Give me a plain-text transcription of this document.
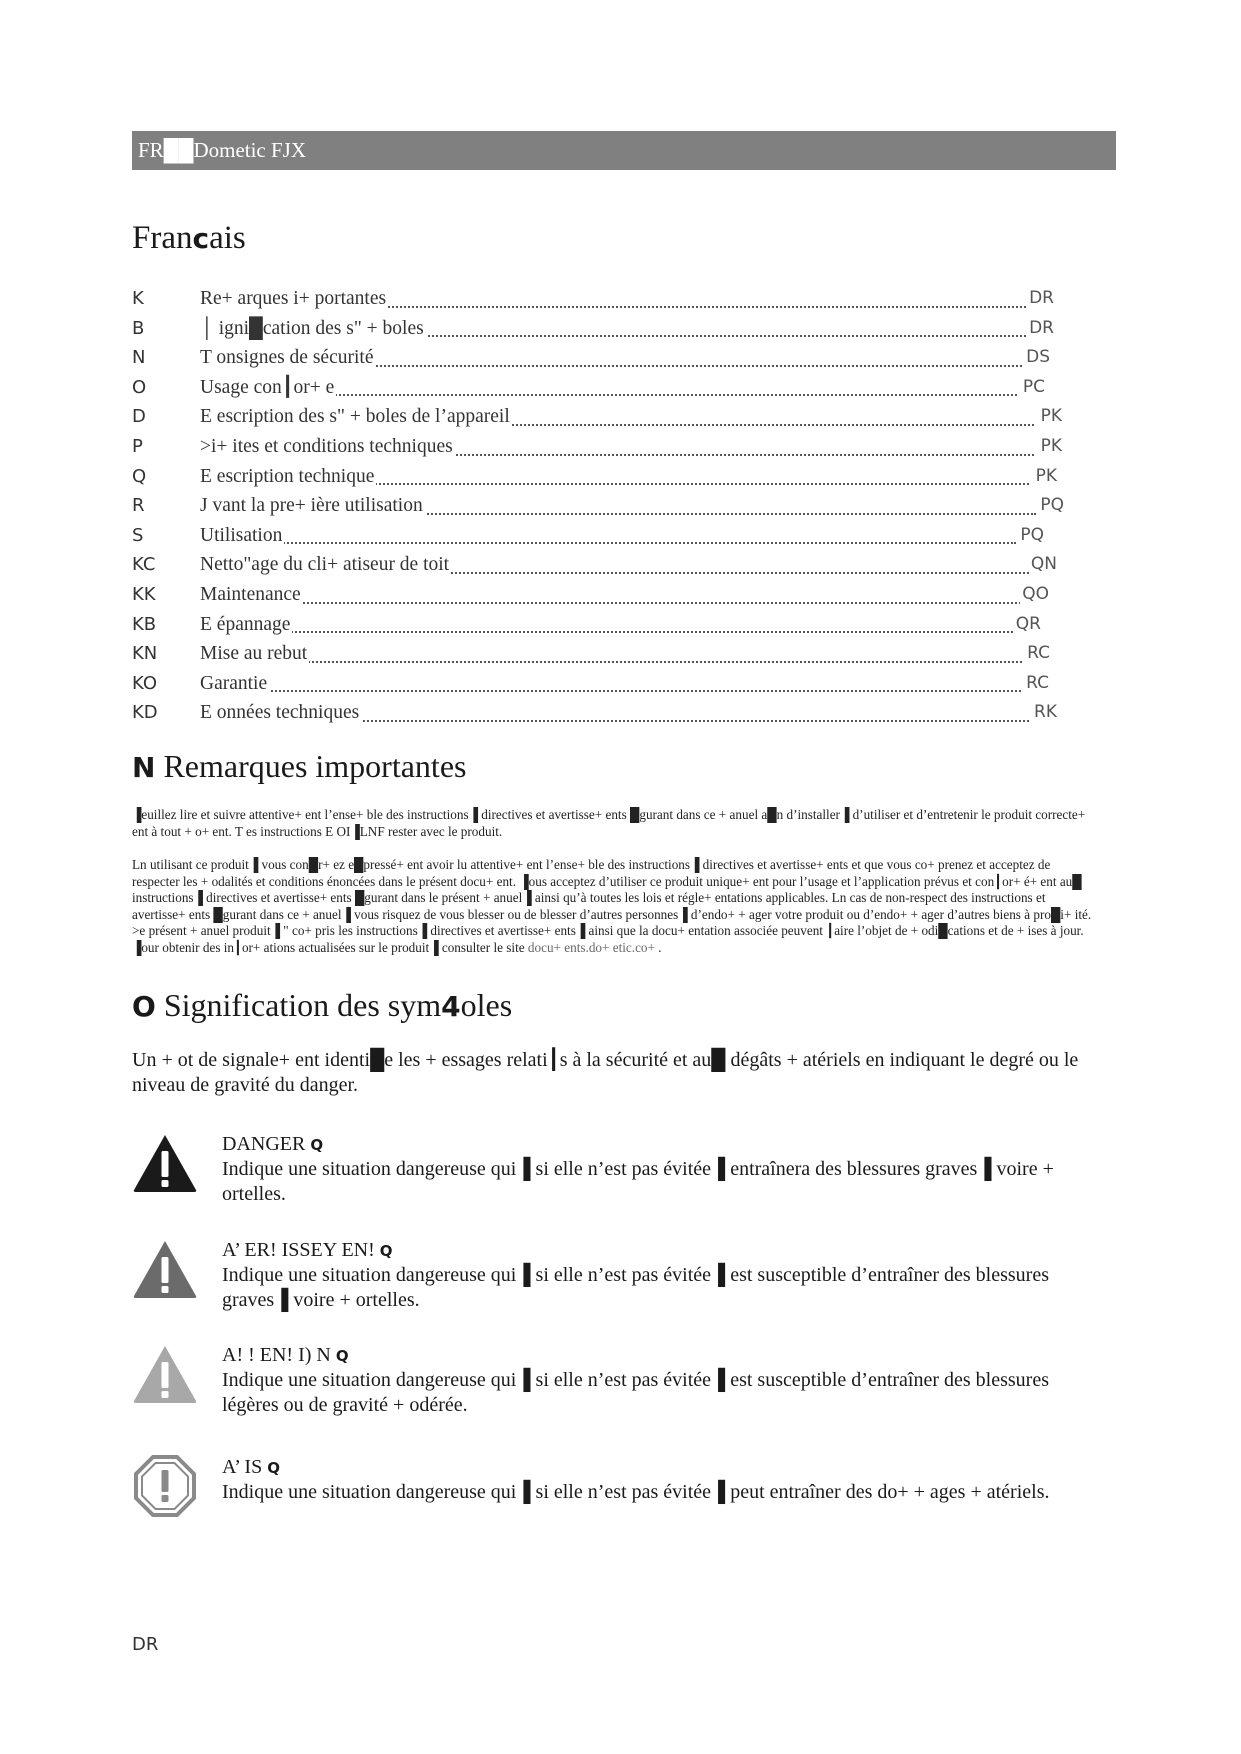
FR██Dometic FJX
Francais
K	Re+ arques i+ portantes	DR
B	│ igni█cation des s" + boles	DR
N	T onsignes de sécurité	DS
O	Usage con┃or+ e	PC
D	E escription des s" + boles de l’appareil	PK
P	>i+ ites et conditions techniques	PK
Q	E escription technique	PK
R	J vant la pre+ ière utilisation	PQ
S	Utilisation	PQ
KC	Netto"age du cli+ atiseur de toit	QN
KK	Maintenance	QO
KB	E épannage	QR
KN	Mise au rebut	RC
KO	Garantie	RC
KD	E onnées techniques	RK
N Remarques importantes

▐euillez lire et suivre attentive+ ent l’ense+ ble des instructions▐ directives et avertisse+ ents █gurant dans ce + anuel a█n d’installer▐ d’utiliser et d’entretenir le produit correcte+ ent à tout + o+ ent. T es instructions E OI▐LNF rester avec le produit.

Ln utilisant ce produit▐ vous con█r+ ez e█pressé+ ent avoir lu attentive+ ent l’ense+ ble des instructions▐ directives et avertisse+ ents et que vous co+ prenez et acceptez de respecter les + odalités et conditions énoncées dans le présent docu+ ent. ▐ous acceptez d’utiliser ce produit unique+ ent pour l’usage et l’application prévus et con┃or+ é+ ent au█ instructions▐ directives et avertisse+ ents █gurant dans le présent + anuel▐ ainsi qu’à toutes les lois et régle+ entations applicables. Ln cas de non-respect des instructions et avertisse+ ents █gurant dans ce + anuel▐ vous risquez de vous blesser ou de blesser d’autres personnes▐ d’endo+ + ager votre produit ou d’endo+ + ager d’autres biens à pro█i+ ité. >e présent + anuel produit▐ " co+ pris les instructions▐ directives et avertisse+ ents▐ ainsi que la docu+ entation associée peuvent ┃aire l’objet de + odi█cations et de + ises à jour. ▐our obtenir des in┃or+ ations actualisées sur le produit▐ consulter le site docu+ ents.do+ etic.co+ .

O Signification des sym4oles

Un + ot de signale+ ent identi█e les + essages relati┃s à la sécurité et au█ dégâts + atériels en indiquant le degré ou le niveau de gravité du danger.

DANGER Q

Indique une situation dangereuse qui▐ si elle n’est pas évitée▐ entraînera des blessures graves▐ voire + ortelles.

A’ ER! ISSEY EN! Q

Indique une situation dangereuse qui▐ si elle n’est pas évitée▐ est susceptible d’entraîner des blessures graves▐ voire + ortelles.

A! ! EN! I) N Q

Indique une situation dangereuse qui▐ si elle n’est pas évitée▐ est susceptible d’entraîner des blessures légères ou de gravité + odérée.

A’ IS Q

Indique une situation dangereuse qui▐ si elle n’est pas évitée▐ peut entraîner des do+ + ages + atériels.

DR
